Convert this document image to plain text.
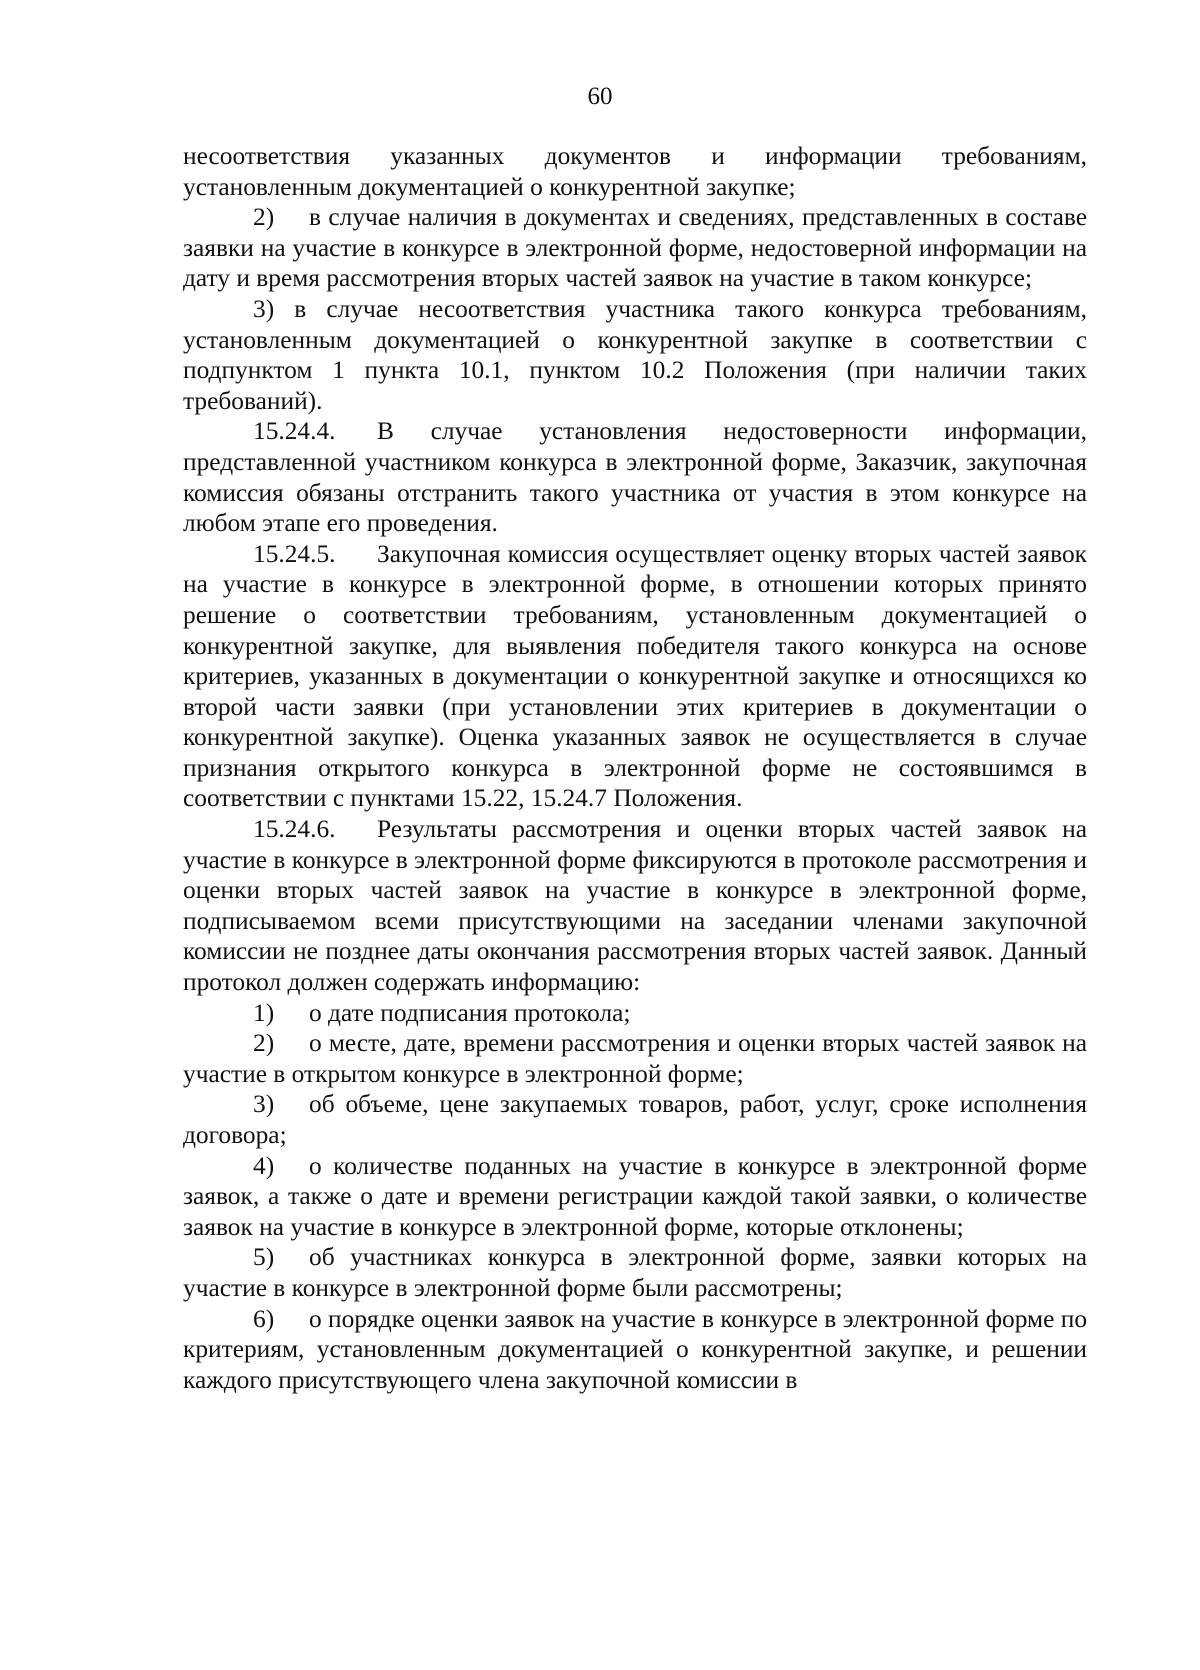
60

несоответствия указанных документов и информации требованиям, установленным документацией о конкурентной закупке;

2) в случае наличия в документах и сведениях, представленных в составе заявки на участие в конкурсе в электронной форме, недостоверной информации на дату и время рассмотрения вторых частей заявок на участие в таком конкурсе;

3) в случае несоответствия участника такого конкурса требованиям, установленным документацией о конкурентной закупке в соответствии с подпунктом 1 пункта 10.1, пунктом 10.2 Положения (при наличии таких требований).

15.24.4. В случае установления недостоверности информации, представленной участником конкурса в электронной форме, Заказчик, закупочная комиссия обязаны отстранить такого участника от участия в этом конкурсе на любом этапе его проведения.

15.24.5. Закупочная комиссия осуществляет оценку вторых частей заявок на участие в конкурсе в электронной форме, в отношении которых принято решение о соответствии требованиям, установленным документацией о конкурентной закупке, для выявления победителя такого конкурса на основе критериев, указанных в документации о конкурентной закупке и относящихся ко второй части заявки (при установлении этих критериев в документации о конкурентной закупке). Оценка указанных заявок не осуществляется в случае признания открытого конкурса в электронной форме не состоявшимся в соответствии с пунктами 15.22, 15.24.7 Положения.

15.24.6. Результаты рассмотрения и оценки вторых частей заявок на участие в конкурсе в электронной форме фиксируются в протоколе рассмотрения и оценки вторых частей заявок на участие в конкурсе в электронной форме, подписываемом всеми присутствующими на заседании членами закупочной комиссии не позднее даты окончания рассмотрения вторых частей заявок. Данный протокол должен содержать информацию:

1) о дате подписания протокола;

2) о месте, дате, времени рассмотрения и оценки вторых частей заявок на участие в открытом конкурсе в электронной форме;

3) об объеме, цене закупаемых товаров, работ, услуг, сроке исполнения договора;

4) о количестве поданных на участие в конкурсе в электронной форме заявок, а также о дате и времени регистрации каждой такой заявки, о количестве заявок на участие в конкурсе в электронной форме, которые отклонены;

5) об участниках конкурса в электронной форме, заявки которых на участие в конкурсе в электронной форме были рассмотрены;

6) о порядке оценки заявок на участие в конкурсе в электронной форме по критериям, установленным документацией о конкурентной закупке, и решении каждого присутствующего члена закупочной комиссии в
